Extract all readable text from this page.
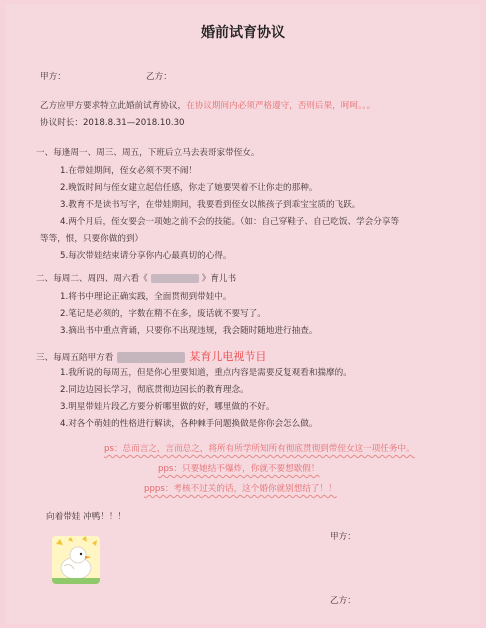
婚前试育协议
甲方：	乙方：
乙方应甲方要求特立此婚前试育协议，在协议期间内必须严格遵守，否则后果，呵呵。。。
协议时长：2018.8.31—2018.10.30
一、每逢周一、周三、周五，下班后立马去表哥家带侄女。
1.在带娃期间，侄女必须不哭不闹！
2.晚饭时间与侄女建立起信任感，你走了她要哭着不让你走的那种。
3.教育不是读书写字，在带娃期间，我要看到侄女以熊孩子到乖宝宝质的飞跃。
4.两个月后，侄女要会一项她之前不会的技能。（如：自己穿鞋子、自己吃饭、学会分享等
等等，恨，只要你做的到）
5.每次带娃结束请分享你内心最真切的心得。
二、每周二、周四、周六看《	》育儿书
1.将书中理论正确实践，全面贯彻到带娃中。
2.笔记是必须的，字数在精不在多，废话就不要写了。
3.摘出书中重点背诵，只要你不出现违规，我会随时随地进行抽查。
三、每周五陪甲方看	某育儿电视节目
1.我所说的每周五，但是你心里要知道，重点内容是需要反复观看和揣摩的。
2.同边边园长学习，彻底贯彻边园长的教育理念。
3.明星带娃片段乙方要分析哪里做的好，哪里做的不好。
4.对各个萌娃的性格进行解读，各种棘手问题换做是你你会怎么做。
ps：总而言之，言而总之，将所有所学所知所有彻底贯彻到带侄女这一项任务中。
pps：只要她结不爆炸，你就不要想歇假！
ppps：考核不过关的话，这个婚你就别想结了！！
向着带娃 冲鸭！！！
甲方：
乙方：
